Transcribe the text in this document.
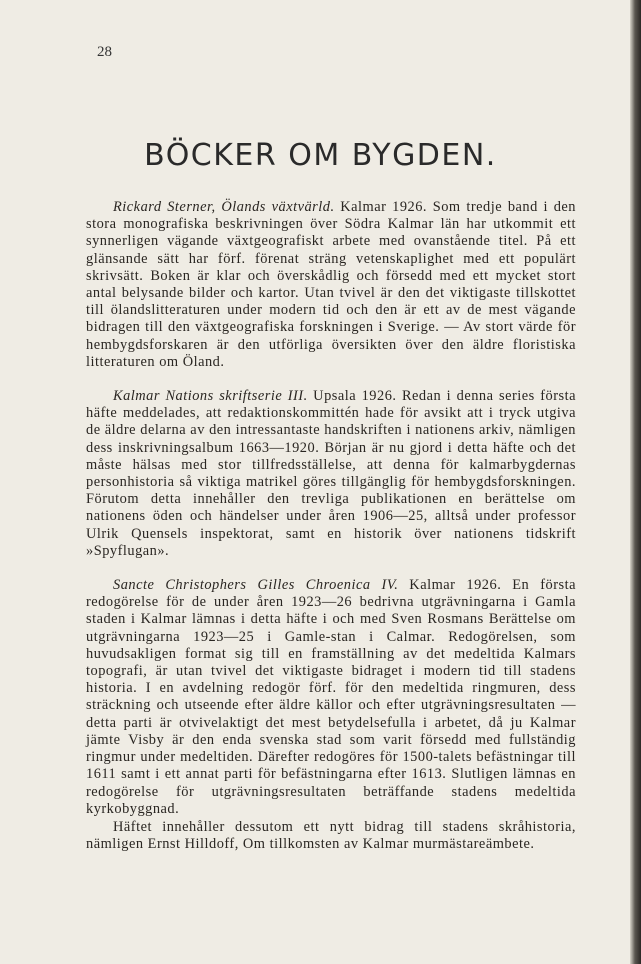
28
BÖCKER OM BYGDEN.

Rickard Sterner, Ölands växtvärld. Kalmar 1926. Som tredje band i den stora monografiska beskrivningen över Södra Kalmar län har utkommit ett synnerligen vägande växtgeografiskt arbete med ovanstående titel. På ett glänsande sätt har förf. förenat sträng vetenskaplighet med ett populärt skrivsätt. Boken är klar och överskådlig och försedd med ett mycket stort antal belysande bilder och kartor. Utan tvivel är den det viktigaste tillskottet till ölandslitteraturen under modern tid och den är ett av de mest vägande bidragen till den växtgeografiska forskningen i Sverige. — Av stort värde för hembygdsforskaren är den utförliga översikten över den äldre floristiska litteraturen om Öland.

Kalmar Nations skriftserie III. Upsala 1926. Redan i denna series första häfte meddelades, att redaktionskommittén hade för avsikt att i tryck utgiva de äldre delarna av den intressantaste handskriften i nationens arkiv, nämligen dess inskrivningsalbum 1663—1920. Början är nu gjord i detta häfte och det måste hälsas med stor tillfredsställelse, att denna för kalmarbygdernas personhistoria så viktiga matrikel göres tillgänglig för hembygdsforskningen. Förutom detta innehåller den trevliga publikationen en berättelse om nationens öden och händelser under åren 1906—25, alltså under professor Ulrik Quensels inspektorat, samt en historik över nationens tidskrift »Spyflugan».

Sancte Christophers Gilles Chroenica IV. Kalmar 1926. En första redogörelse för de under åren 1923—26 bedrivna utgrävningarna i Gamla staden i Kalmar lämnas i detta häfte i och med Sven Rosmans Berättelse om utgrävningarna 1923—25 i Gamle-stan i Calmar. Redogörelsen, som huvudsakligen format sig till en framställning av det medeltida Kalmars topografi, är utan tvivel det viktigaste bidraget i modern tid till stadens historia. I en avdelning redogör förf. för den medeltida ringmuren, dess sträckning och utseende efter äldre källor och efter utgrävningsresultaten — detta parti är otvivelaktigt det mest betydelsefulla i arbetet, då ju Kalmar jämte Visby är den enda svenska stad som varit försedd med fullständig ringmur under medeltiden. Därefter redogöres för 1500-talets befästningar till 1611 samt i ett annat parti för befästningarna efter 1613. Slutligen lämnas en redogörelse för utgrävningsresultaten beträffande stadens medeltida kyrkobyggnad.

Häftet innehåller dessutom ett nytt bidrag till stadens skråhistoria, nämligen Ernst Hilldoff, Om tillkomsten av Kalmar murmästareämbete.
